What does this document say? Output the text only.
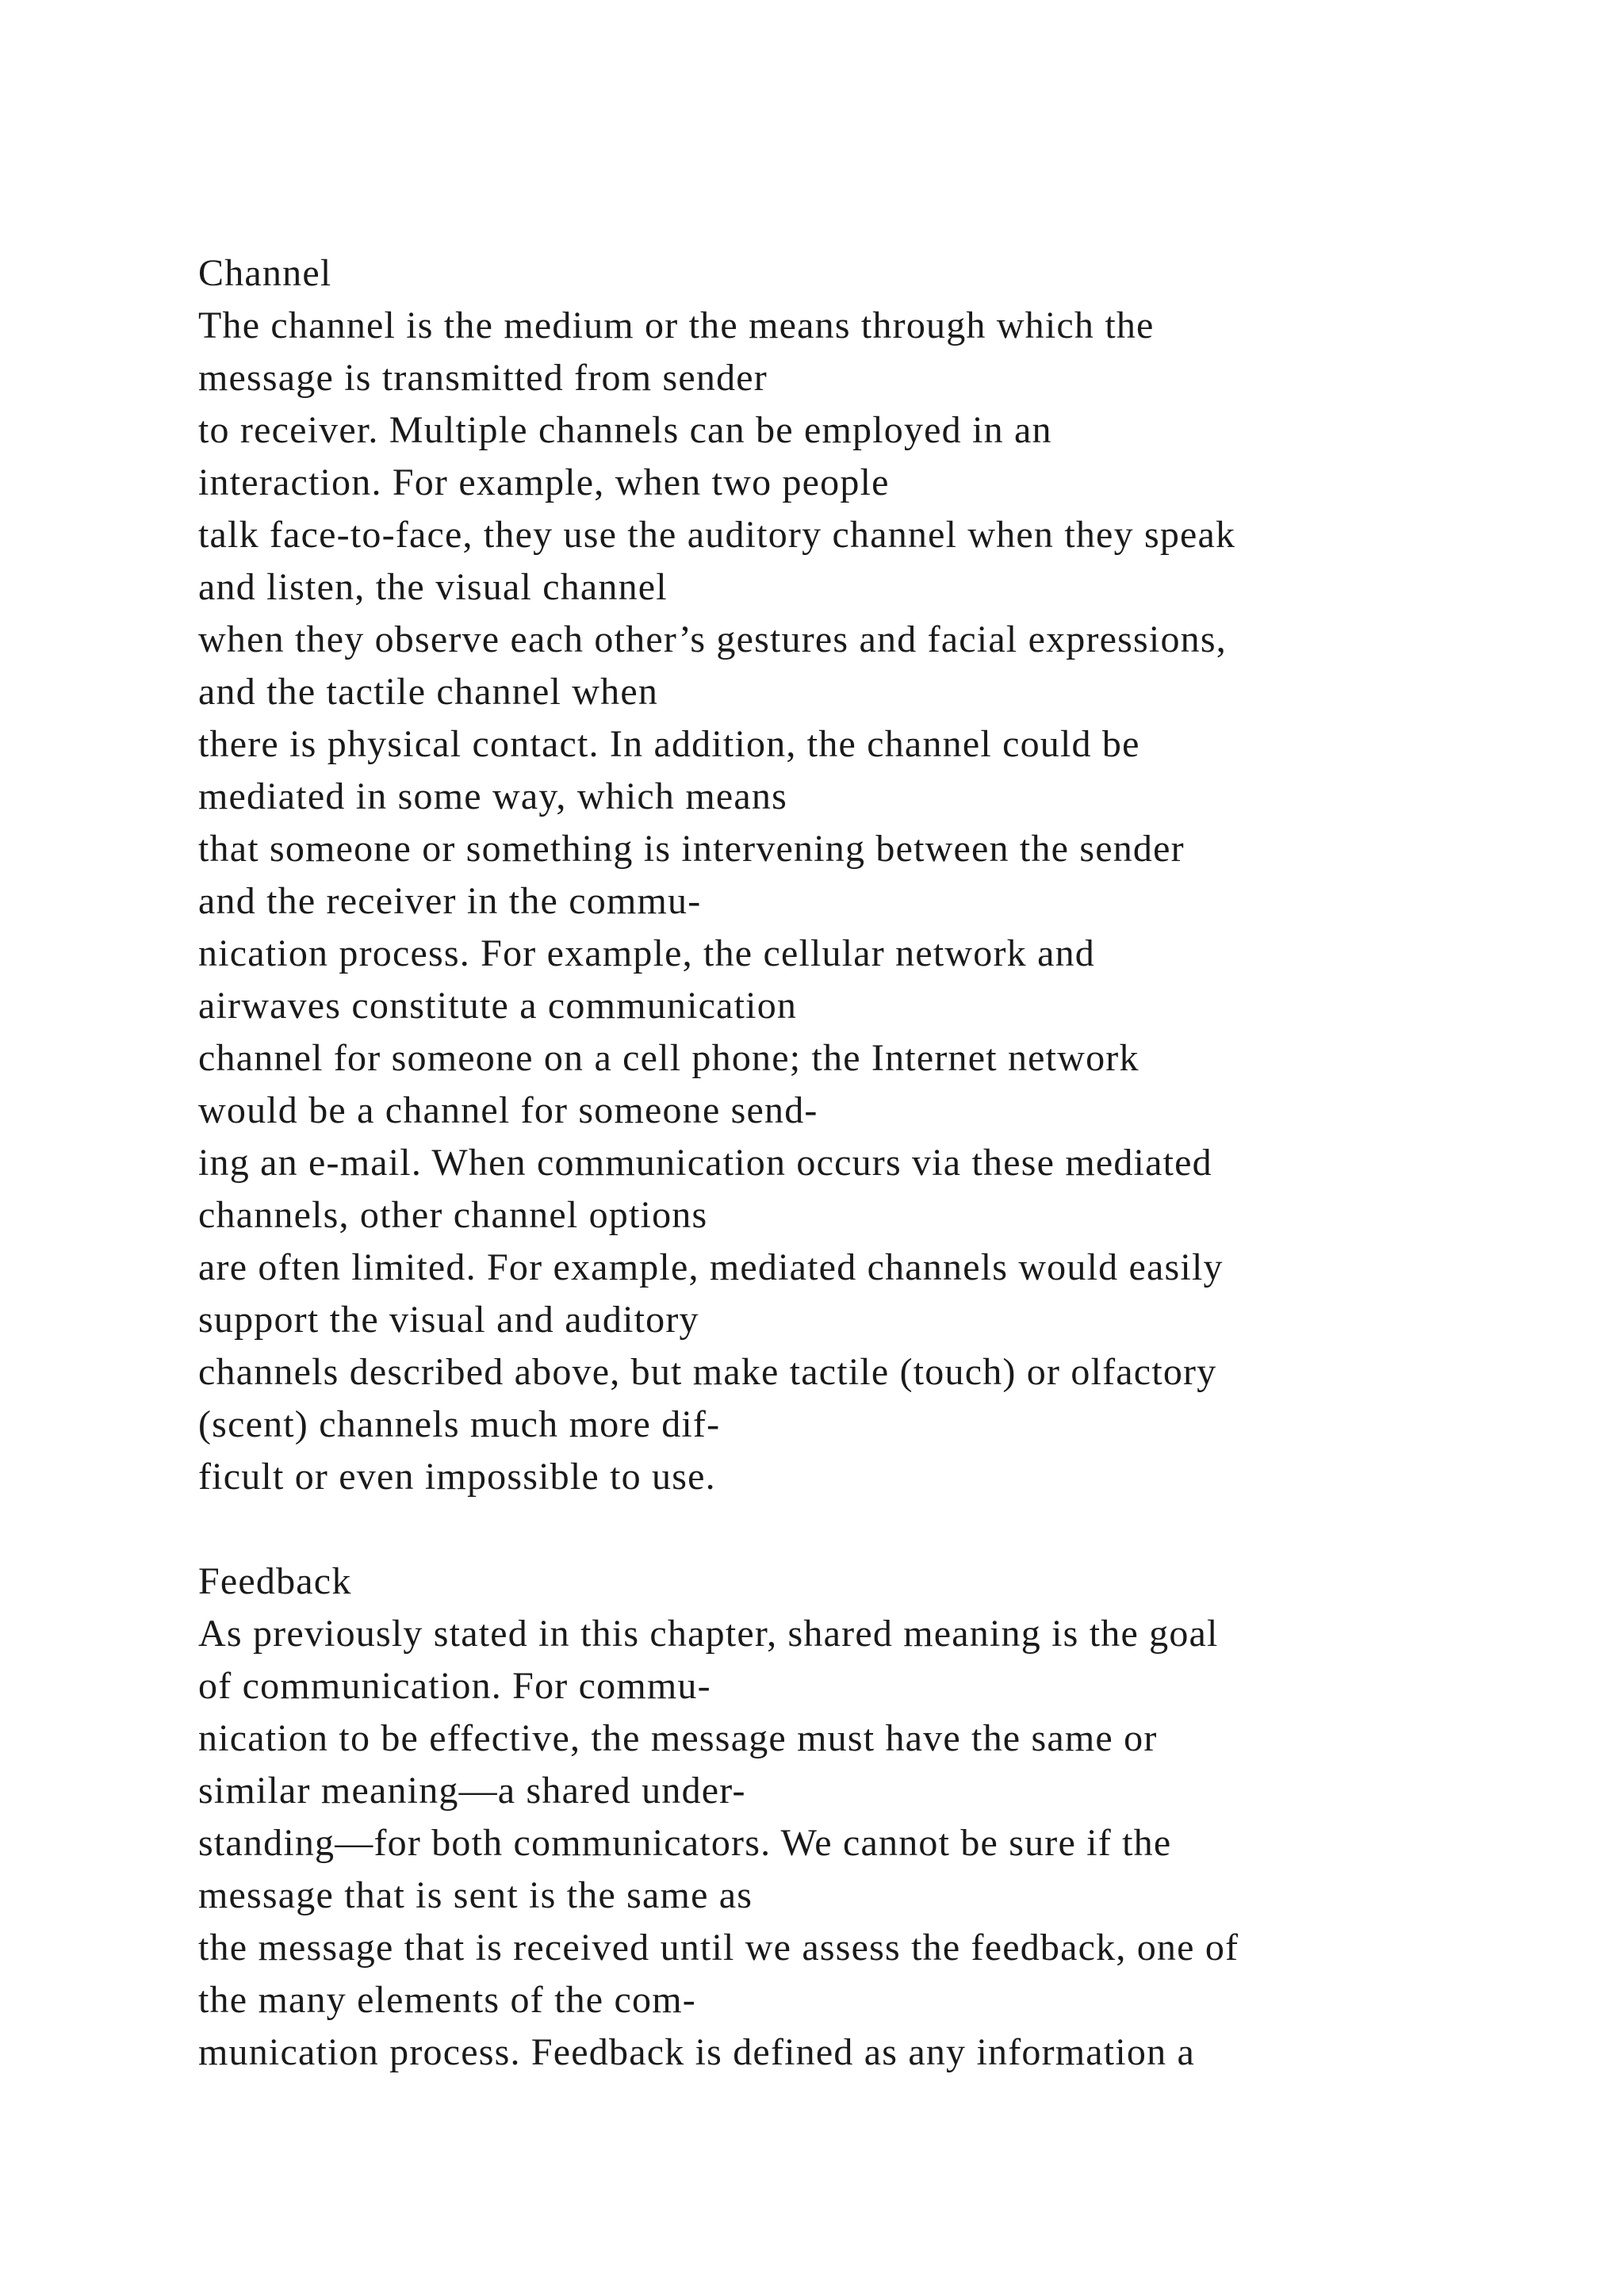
Channel
The channel is the medium or the means through which the
message is transmitted from sender
to receiver. Multiple channels can be employed in an
interaction. For example, when two people
talk face-to-face, they use the auditory channel when they speak
and listen, the visual channel
when they observe each other’s gestures and facial expressions,
and the tactile channel when
there is physical contact. In addition, the channel could be
mediated in some way, which means
that someone or something is intervening between the sender
and the receiver in the commu-
nication process. For example, the cellular network and
airwaves constitute a communication
channel for someone on a cell phone; the Internet network
would be a channel for someone send-
ing an e-mail. When communication occurs via these mediated
channels, other channel options
are often limited. For example, mediated channels would easily
support the visual and auditory
channels described above, but make tactile (touch) or olfactory
(scent) channels much more dif-
ficult or even impossible to use.
Feedback
As previously stated in this chapter, shared meaning is the goal
of communication. For commu-
nication to be effective, the message must have the same or
similar meaning—a shared under-
standing—for both communicators. We cannot be sure if the
message that is sent is the same as
the message that is received until we assess the feedback, one of
the many elements of the com-
munication process. Feedback is defined as any information a
